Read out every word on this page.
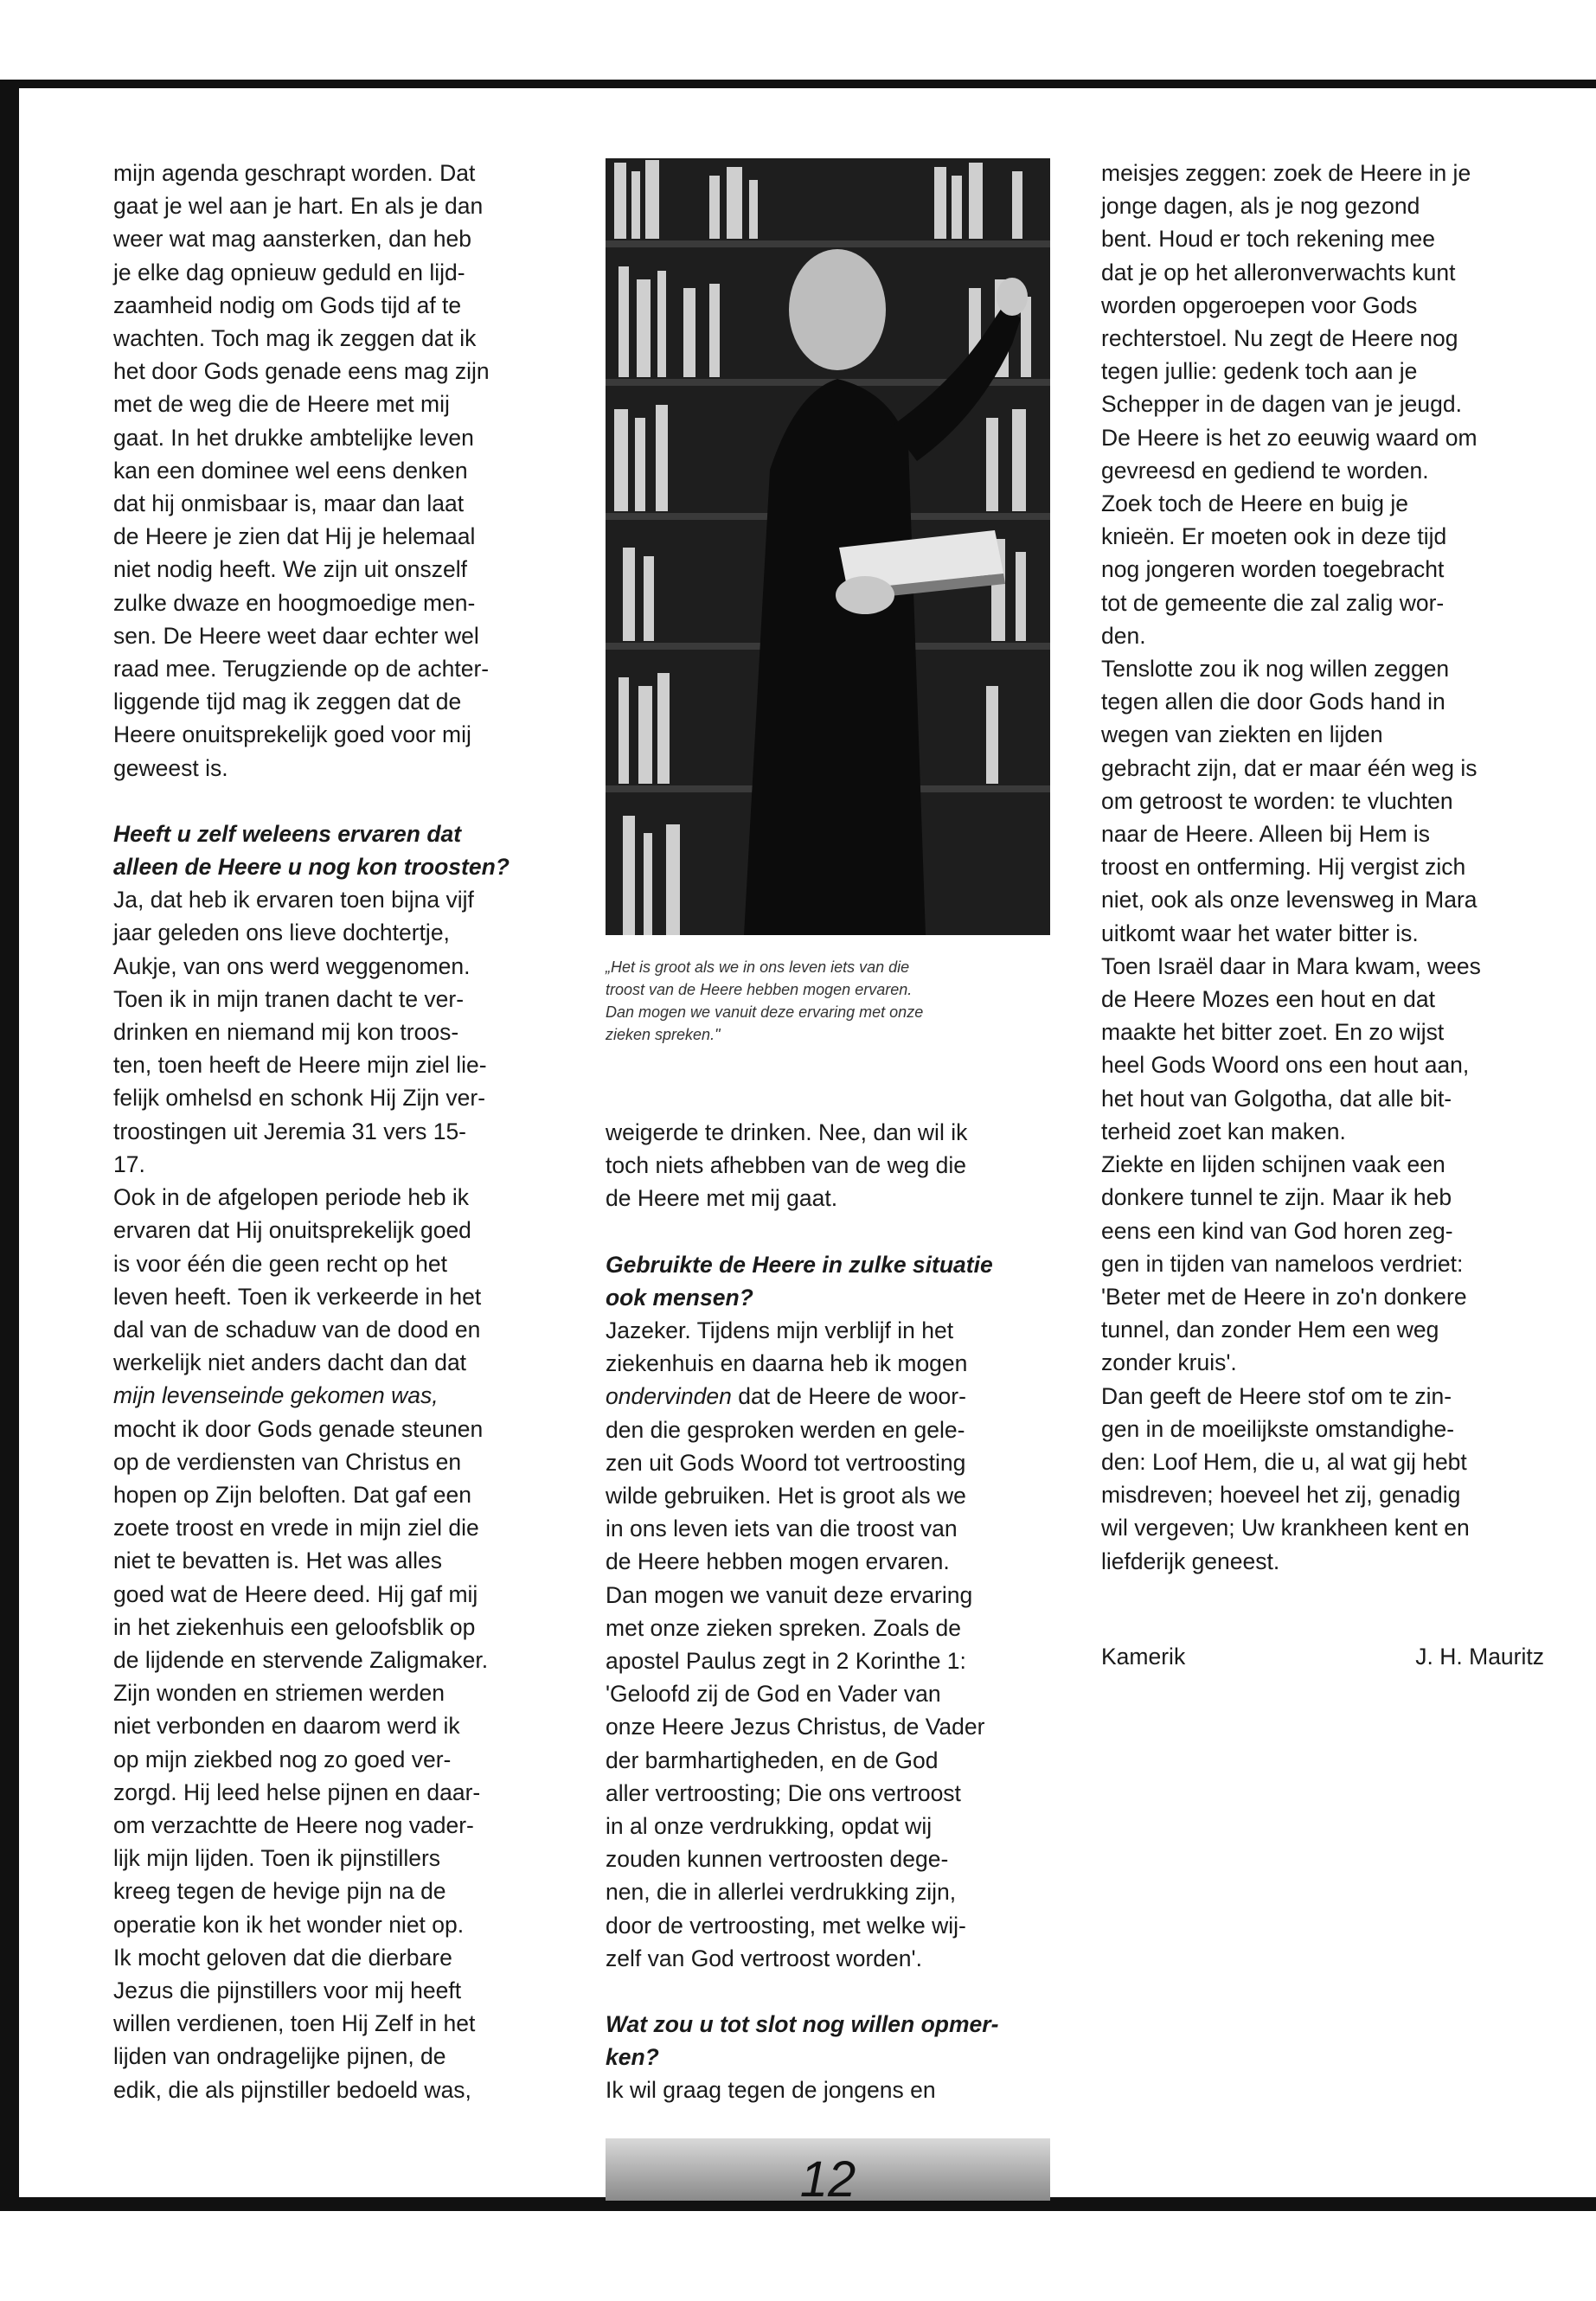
mijn agenda geschrapt worden. Dat
gaat je wel aan je hart. En als je dan
weer wat mag aansterken, dan heb
je elke dag opnieuw geduld en lijd-
zaamheid nodig om Gods tijd af te
wachten. Toch mag ik zeggen dat ik
het door Gods genade eens mag zijn
met de weg die de Heere met mij
gaat. In het drukke ambtelijke leven
kan een dominee wel eens denken
dat hij onmisbaar is, maar dan laat
de Heere je zien dat Hij je helemaal
niet nodig heeft. We zijn uit onszelf
zulke dwaze en hoogmoedige men-
sen. De Heere weet daar echter wel
raad mee. Terugziende op de achter-
liggende tijd mag ik zeggen dat de
Heere onuitsprekelijk goed voor mij
geweest is.

Heeft u zelf weleens ervaren dat
alleen de Heere u nog kon troosten?

Ja, dat heb ik ervaren toen bijna vijf
jaar geleden ons lieve dochtertje,
Aukje, van ons werd weggenomen.
Toen ik in mijn tranen dacht te ver-
drinken en niemand mij kon troos-
ten, toen heeft de Heere mijn ziel lie-
felijk omhelsd en schonk Hij Zijn ver-
troostingen uit Jeremia 31 vers 15-
17.

Ook in de afgelopen periode heb ik
ervaren dat Hij onuitsprekelijk goed
is voor één die geen recht op het
leven heeft. Toen ik verkeerde in het
dal van de schaduw van de dood en
werkelijk niet anders dacht dan dat
mijn levenseinde gekomen was,
mocht ik door Gods genade steunen
op de verdiensten van Christus en
hopen op Zijn beloften. Dat gaf een
zoete troost en vrede in mijn ziel die
niet te bevatten is. Het was alles
goed wat de Heere deed. Hij gaf mij
in het ziekenhuis een geloofsblik op
de lijdende en stervende Zaligmaker.
Zijn wonden en striemen werden
niet verbonden en daarom werd ik
op mijn ziekbed nog zo goed ver-
zorgd. Hij leed helse pijnen en daar-
om verzachtte de Heere nog vader-
lijk mijn lijden. Toen ik pijnstillers
kreeg tegen de hevige pijn na de
operatie kon ik het wonder niet op.
Ik mocht geloven dat die dierbare
Jezus die pijnstillers voor mij heeft
willen verdienen, toen Hij Zelf in het
lijden van ondragelijke pijnen, de
edik, die als pijnstiller bedoeld was,

„Het is groot als we in ons leven iets van die
troost van de Heere hebben mogen ervaren.
Dan mogen we vanuit deze ervaring met onze
zieken spreken."

weigerde te drinken. Nee, dan wil ik
toch niets afhebben van de weg die
de Heere met mij gaat.

Gebruikte de Heere in zulke situatie
ook mensen?

Jazeker. Tijdens mijn verblijf in het
ziekenhuis en daarna heb ik mogen
ondervinden dat de Heere de woor-
den die gesproken werden en gele-
zen uit Gods Woord tot vertroosting
wilde gebruiken. Het is groot als we
in ons leven iets van die troost van
de Heere hebben mogen ervaren.
Dan mogen we vanuit deze ervaring
met onze zieken spreken. Zoals de
apostel Paulus zegt in 2 Korinthe 1:
'Geloofd zij de God en Vader van
onze Heere Jezus Christus, de Vader
der barmhartigheden, en de God
aller vertroosting; Die ons vertroost
in al onze verdrukking, opdat wij
zouden kunnen vertroosten dege-
nen, die in allerlei verdrukking zijn,
door de vertroosting, met welke wij-
zelf van God vertroost worden'.

Wat zou u tot slot nog willen opmer-
ken?

Ik wil graag tegen de jongens en

meisjes zeggen: zoek de Heere in je
jonge dagen, als je nog gezond
bent. Houd er toch rekening mee
dat je op het alleronverwachts kunt
worden opgeroepen voor Gods
rechterstoel. Nu zegt de Heere nog
tegen jullie: gedenk toch aan je
Schepper in de dagen van je jeugd.
De Heere is het zo eeuwig waard om
gevreesd en gediend te worden.
Zoek toch de Heere en buig je
knieën. Er moeten ook in deze tijd
nog jongeren worden toegebracht
tot de gemeente die zal zalig wor-
den.

Tenslotte zou ik nog willen zeggen
tegen allen die door Gods hand in
wegen van ziekten en lijden
gebracht zijn, dat er maar één weg is
om getroost te worden: te vluchten
naar de Heere. Alleen bij Hem is
troost en ontferming. Hij vergist zich
niet, ook als onze levensweg in Mara
uitkomt waar het water bitter is.
Toen Israël daar in Mara kwam, wees
de Heere Mozes een hout en dat
maakte het bitter zoet. En zo wijst
heel Gods Woord ons een hout aan,
het hout van Golgotha, dat alle bit-
terheid zoet kan maken.

Ziekte en lijden schijnen vaak een
donkere tunnel te zijn. Maar ik heb
eens een kind van God horen zeg-
gen in tijden van nameloos verdriet:
'Beter met de Heere in zo'n donkere
tunnel, dan zonder Hem een weg
zonder kruis'.

Dan geeft de Heere stof om te zin-
gen in de moeilijkste omstandighe-
den: Loof Hem, die u, al wat gij hebt
misdreven; hoeveel het zij, genadig
wil vergeven; Uw krankheen kent en
liefderijk geneest.

Kamerik	J. H. Mauritz
12
